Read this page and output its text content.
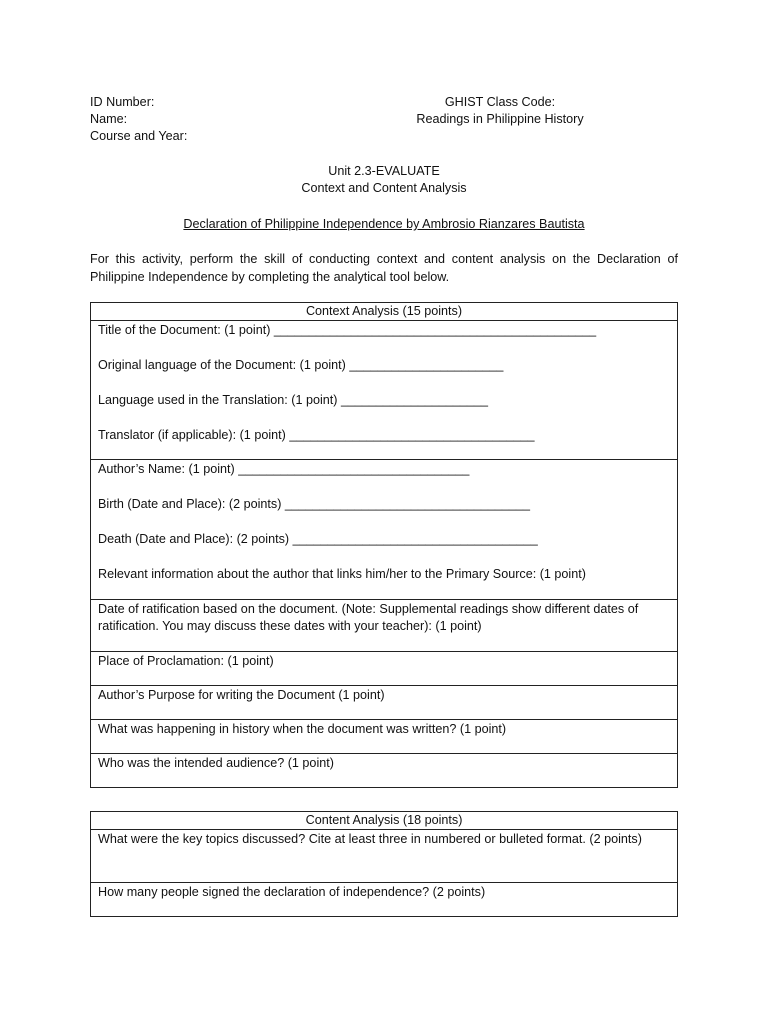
ID Number:
Name:
Course and Year:
GHIST Class Code:
Readings in Philippine History
Unit 2.3-EVALUATE
Context and Content Analysis
Declaration of Philippine Independence by Ambrosio Rianzares Bautista
For this activity, perform the skill of conducting context and content analysis on the Declaration of Philippine Independence by completing the analytical tool below.
Context Analysis (15 points)

Title of the Document: (1 point) ______________________________________________
Original language of the Document: (1 point) ______________________
Language used in the Translation: (1 point) _____________________
Translator (if applicable): (1 point) ___________________________________

Author’s Name: (1 point) _________________________________
Birth (Date and Place): (2 points) ___________________________________
Death (Date and Place): (2 points) ___________________________________
Relevant information about the author that links him/her to the Primary Source: (1 point)

Date of ratification based on the document. (Note: Supplemental readings show different dates of ratification. You may discuss these dates with your teacher): (1 point)
Place of Proclamation: (1 point)
Author’s Purpose for writing the Document (1 point)
What was happening in history when the document was written? (1 point)
Who was the intended audience? (1 point)
Content Analysis (18 points)
What were the key topics discussed? Cite at least three in numbered or bulleted format. (2 points)
How many people signed the declaration of independence? (2 points)
